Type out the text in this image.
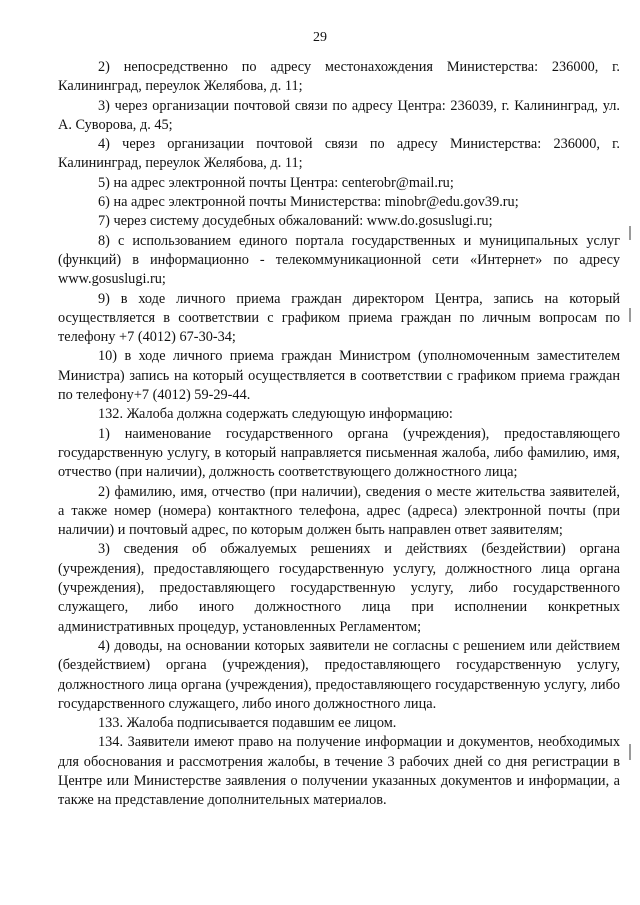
29

2) непосредственно по адресу местонахождения Министерства: 236000, г. Калининград, переулок Желябова, д. 11;

3) через организации почтовой связи по адресу Центра: 236039, г. Калининград, ул. А. Суворова, д. 45;

4) через организации почтовой связи по адресу Министерства: 236000, г. Калининград, переулок Желябова, д. 11;

5) на адрес электронной почты Центра: centerobr@mail.ru;

6) на адрес электронной почты Министерства: minobr@edu.gov39.ru;

7) через систему досудебных обжалований: www.do.gosuslugi.ru;

8) с использованием единого портала государственных и муниципальных услуг (функций) в информационно - телекоммуникационной сети «Интернет» по адресу www.gosuslugi.ru;

9) в ходе личного приема граждан директором Центра, запись на который осуществляется в соответствии с графиком приема граждан по личным вопросам по телефону +7 (4012) 67-30-34;

10) в ходе личного приема граждан Министром (уполномоченным заместителем Министра) запись на который осуществляется в соответствии с графиком приема граждан по телефону+7 (4012) 59-29-44.

132. Жалоба должна содержать следующую информацию:

1) наименование государственного органа (учреждения), предоставляющего государственную услугу, в который направляется письменная жалоба, либо фамилию, имя, отчество (при наличии), должность соответствующего должностного лица;

2) фамилию, имя, отчество (при наличии), сведения о месте жительства заявителей, а также номер (номера) контактного телефона, адрес (адреса) электронной почты (при наличии) и почтовый адрес, по которым должен быть направлен ответ заявителям;

3) сведения об обжалуемых решениях и действиях (бездействии) органа (учреждения), предоставляющего государственную услугу, должностного лица органа (учреждения), предоставляющего государственную услугу, либо государственного служащего, либо иного должностного лица при исполнении конкретных административных процедур, установленных Регламентом;

4) доводы, на основании которых заявители не согласны с решением или действием (бездействием) органа (учреждения), предоставляющего государственную услугу, должностного лица органа (учреждения), предоставляющего государственную услугу, либо государственного служащего, либо иного должностного лица.

133. Жалоба подписывается подавшим ее лицом.

134. Заявители имеют право на получение информации и документов, необходимых для обоснования и рассмотрения жалобы, в течение 3 рабочих дней со дня регистрации в Центре или Министерстве заявления о получении указанных документов и информации, а также на представление дополнительных материалов.
